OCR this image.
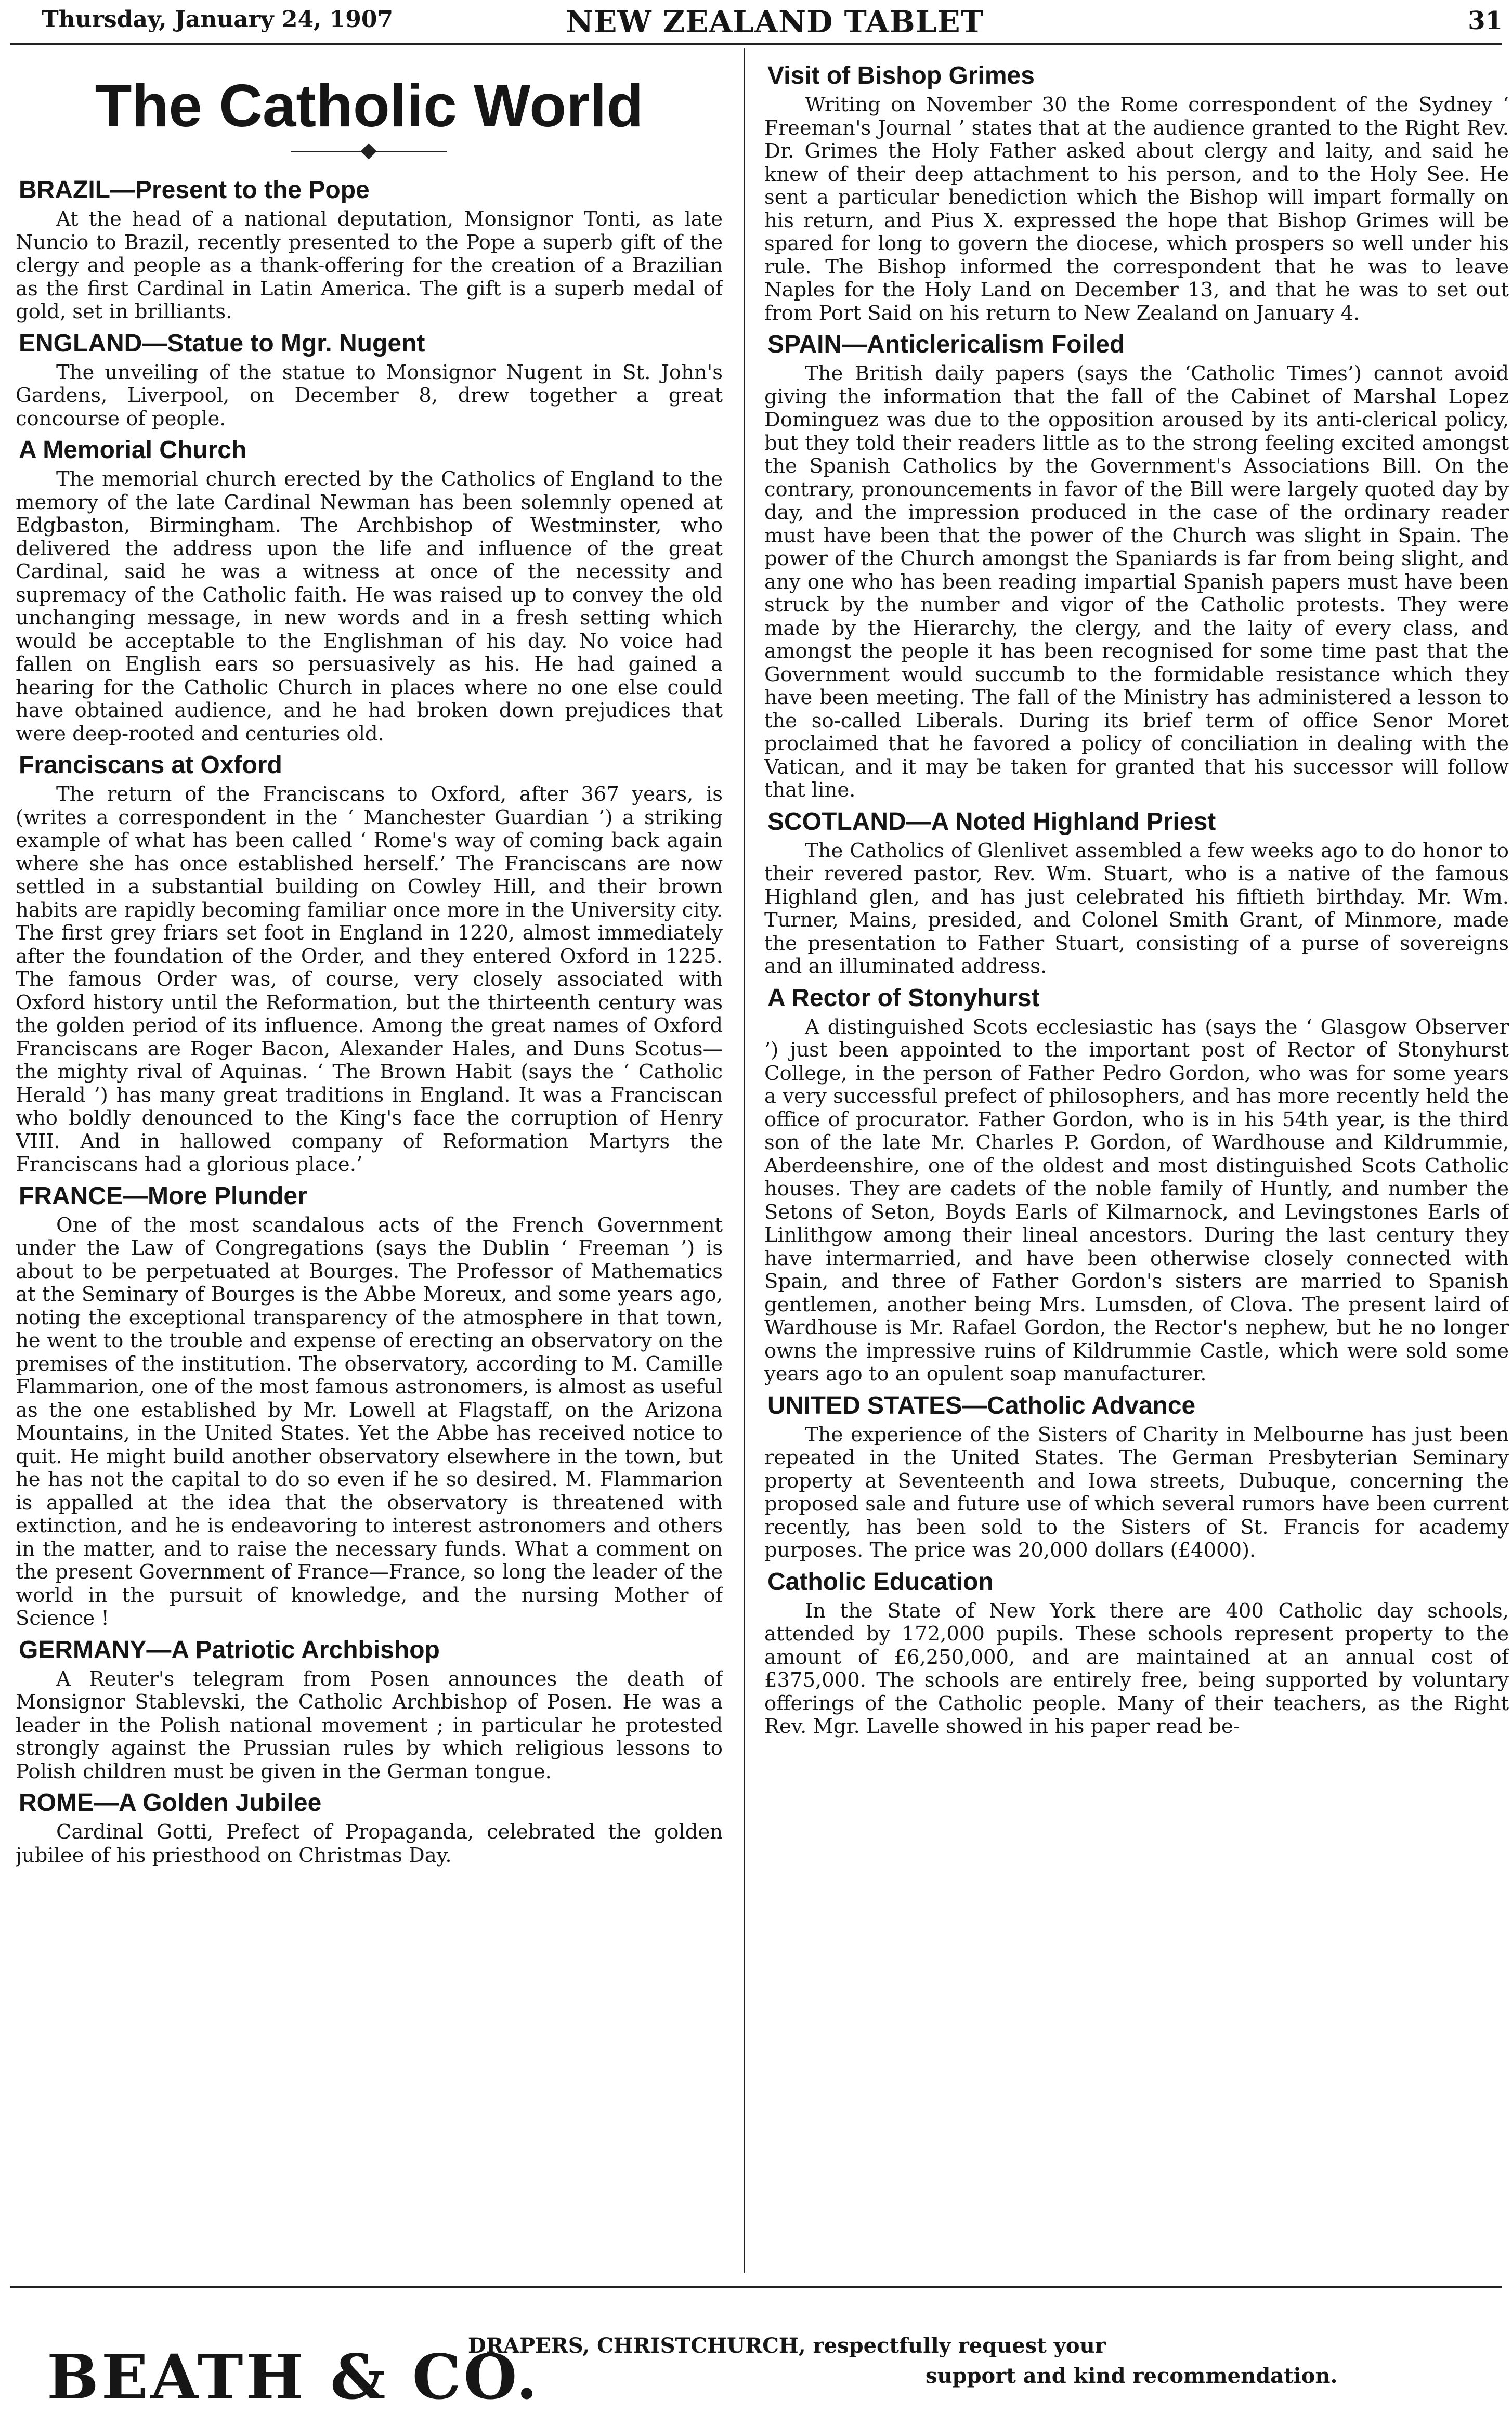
Thursday, January 24, 1907	NEW ZEALAND TABLET	31
The Catholic World
BRAZIL—Present to the Pope

At the head of a national deputation, Monsignor Tonti, as late Nuncio to Brazil, recently presented to the Pope a superb gift of the clergy and people as a thank-offering for the creation of a Brazilian as the first Cardinal in Latin America. The gift is a superb medal of gold, set in brilliants.

ENGLAND—Statue to Mgr. Nugent

The unveiling of the statue to Monsignor Nugent in St. John's Gardens, Liverpool, on December 8, drew together a great concourse of people.

A Memorial Church

The memorial church erected by the Catholics of England to the memory of the late Cardinal Newman has been solemnly opened at Edgbaston, Birmingham. The Archbishop of Westminster, who delivered the address upon the life and influence of the great Cardinal, said he was a witness at once of the necessity and supremacy of the Catholic faith. He was raised up to convey the old unchanging message, in new words and in a fresh setting which would be acceptable to the Englishman of his day. No voice had fallen on English ears so persuasively as his. He had gained a hearing for the Catholic Church in places where no one else could have obtained audience, and he had broken down prejudices that were deep-rooted and centuries old.

Franciscans at Oxford

The return of the Franciscans to Oxford, after 367 years, is (writes a correspondent in the ‘ Manchester Guardian ’) a striking example of what has been called ‘ Rome's way of coming back again where she has once established herself.’ The Franciscans are now settled in a substantial building on Cowley Hill, and their brown habits are rapidly becoming familiar once more in the University city. The first grey friars set foot in England in 1220, almost immediately after the foundation of the Order, and they entered Oxford in 1225. The famous Order was, of course, very closely associated with Oxford history until the Reformation, but the thirteenth century was the golden period of its influence. Among the great names of Oxford Franciscans are Roger Bacon, Alexander Hales, and Duns Scotus—the mighty rival of Aquinas. ‘ The Brown Habit (says the ‘ Catholic Herald ’) has many great traditions in England. It was a Franciscan who boldly denounced to the King's face the corruption of Henry VIII. And in hallowed company of Reformation Martyrs the Franciscans had a glorious place.’

FRANCE—More Plunder

One of the most scandalous acts of the French Government under the Law of Congregations (says the Dublin ‘ Freeman ’) is about to be perpetuated at Bourges. The Professor of Mathematics at the Seminary of Bourges is the Abbe Moreux, and some years ago, noting the exceptional transparency of the atmosphere in that town, he went to the trouble and expense of erecting an observatory on the premises of the institution. The observatory, according to M. Camille Flammarion, one of the most famous astronomers, is almost as useful as the one established by Mr. Lowell at Flagstaff, on the Arizona Mountains, in the United States. Yet the Abbe has received notice to quit. He might build another observatory elsewhere in the town, but he has not the capital to do so even if he so desired. M. Flammarion is appalled at the idea that the observatory is threatened with extinction, and he is endeavoring to interest astronomers and others in the matter, and to raise the necessary funds. What a comment on the present Government of France—France, so long the leader of the world in the pursuit of knowledge, and the nursing Mother of Science !

GERMANY—A Patriotic Archbishop

A Reuter's telegram from Posen announces the death of Monsignor Stablevski, the Catholic Archbishop of Posen. He was a leader in the Polish national movement ; in particular he protested strongly against the Prussian rules by which religious lessons to Polish children must be given in the German tongue.

ROME—A Golden Jubilee

Cardinal Gotti, Prefect of Propaganda, celebrated the golden jubilee of his priesthood on Christmas Day.

Visit of Bishop Grimes

Writing on November 30 the Rome correspondent of the Sydney ‘ Freeman's Journal ’ states that at the audience granted to the Right Rev. Dr. Grimes the Holy Father asked about clergy and laity, and said he knew of their deep attachment to his person, and to the Holy See. He sent a particular benediction which the Bishop will impart formally on his return, and Pius X. expressed the hope that Bishop Grimes will be spared for long to govern the diocese, which prospers so well under his rule. The Bishop informed the correspondent that he was to leave Naples for the Holy Land on December 13, and that he was to set out from Port Said on his return to New Zealand on January 4.

SPAIN—Anticlericalism Foiled

The British daily papers (says the ‘Catholic Times’) cannot avoid giving the information that the fall of the Cabinet of Marshal Lopez Dominguez was due to the opposition aroused by its anti-clerical policy, but they told their readers little as to the strong feeling excited amongst the Spanish Catholics by the Government's Associations Bill. On the contrary, pronouncements in favor of the Bill were largely quoted day by day, and the impression produced in the case of the ordinary reader must have been that the power of the Church was slight in Spain. The power of the Church amongst the Spaniards is far from being slight, and any one who has been reading impartial Spanish papers must have been struck by the number and vigor of the Catholic protests. They were made by the Hierarchy, the clergy, and the laity of every class, and amongst the people it has been recognised for some time past that the Government would succumb to the formidable resistance which they have been meeting. The fall of the Ministry has administered a lesson to the so-called Liberals. During its brief term of office Senor Moret proclaimed that he favored a policy of conciliation in dealing with the Vatican, and it may be taken for granted that his successor will follow that line.

SCOTLAND—A Noted Highland Priest

The Catholics of Glenlivet assembled a few weeks ago to do honor to their revered pastor, Rev. Wm. Stuart, who is a native of the famous Highland glen, and has just celebrated his fiftieth birthday. Mr. Wm. Turner, Mains, presided, and Colonel Smith Grant, of Minmore, made the presentation to Father Stuart, consisting of a purse of sovereigns and an illuminated address.

A Rector of Stonyhurst

A distinguished Scots ecclesiastic has (says the ‘ Glasgow Observer ’) just been appointed to the important post of Rector of Stonyhurst College, in the person of Father Pedro Gordon, who was for some years a very successful prefect of philosophers, and has more recently held the office of procurator. Father Gordon, who is in his 54th year, is the third son of the late Mr. Charles P. Gordon, of Wardhouse and Kildrummie, Aberdeenshire, one of the oldest and most distinguished Scots Catholic houses. They are cadets of the noble family of Huntly, and number the Setons of Seton, Boyds Earls of Kilmarnock, and Levingstones Earls of Linlithgow among their lineal ancestors. During the last century they have intermarried, and have been otherwise closely connected with Spain, and three of Father Gordon's sisters are married to Spanish gentlemen, another being Mrs. Lumsden, of Clova. The present laird of Wardhouse is Mr. Rafael Gordon, the Rector's nephew, but he no longer owns the impressive ruins of Kildrummie Castle, which were sold some years ago to an opulent soap manufacturer.

UNITED STATES—Catholic Advance

The experience of the Sisters of Charity in Melbourne has just been repeated in the United States. The German Presbyterian Seminary property at Seventeenth and Iowa streets, Dubuque, concerning the proposed sale and future use of which several rumors have been current recently, has been sold to the Sisters of St. Francis for academy purposes. The price was 20,000 dollars (£4000).

Catholic Education

In the State of New York there are 400 Catholic day schools, attended by 172,000 pupils. These schools represent property to the amount of £6,250,000, and are maintained at an annual cost of £375,000. The schools are entirely free, being supported by voluntary offerings of the Catholic people. Many of their teachers, as the Right Rev. Mgr. Lavelle showed in his paper read be-

BEATH & CO.
DRAPERS, CHRISTCHURCH, respectfully request your
support and kind recommendation.
